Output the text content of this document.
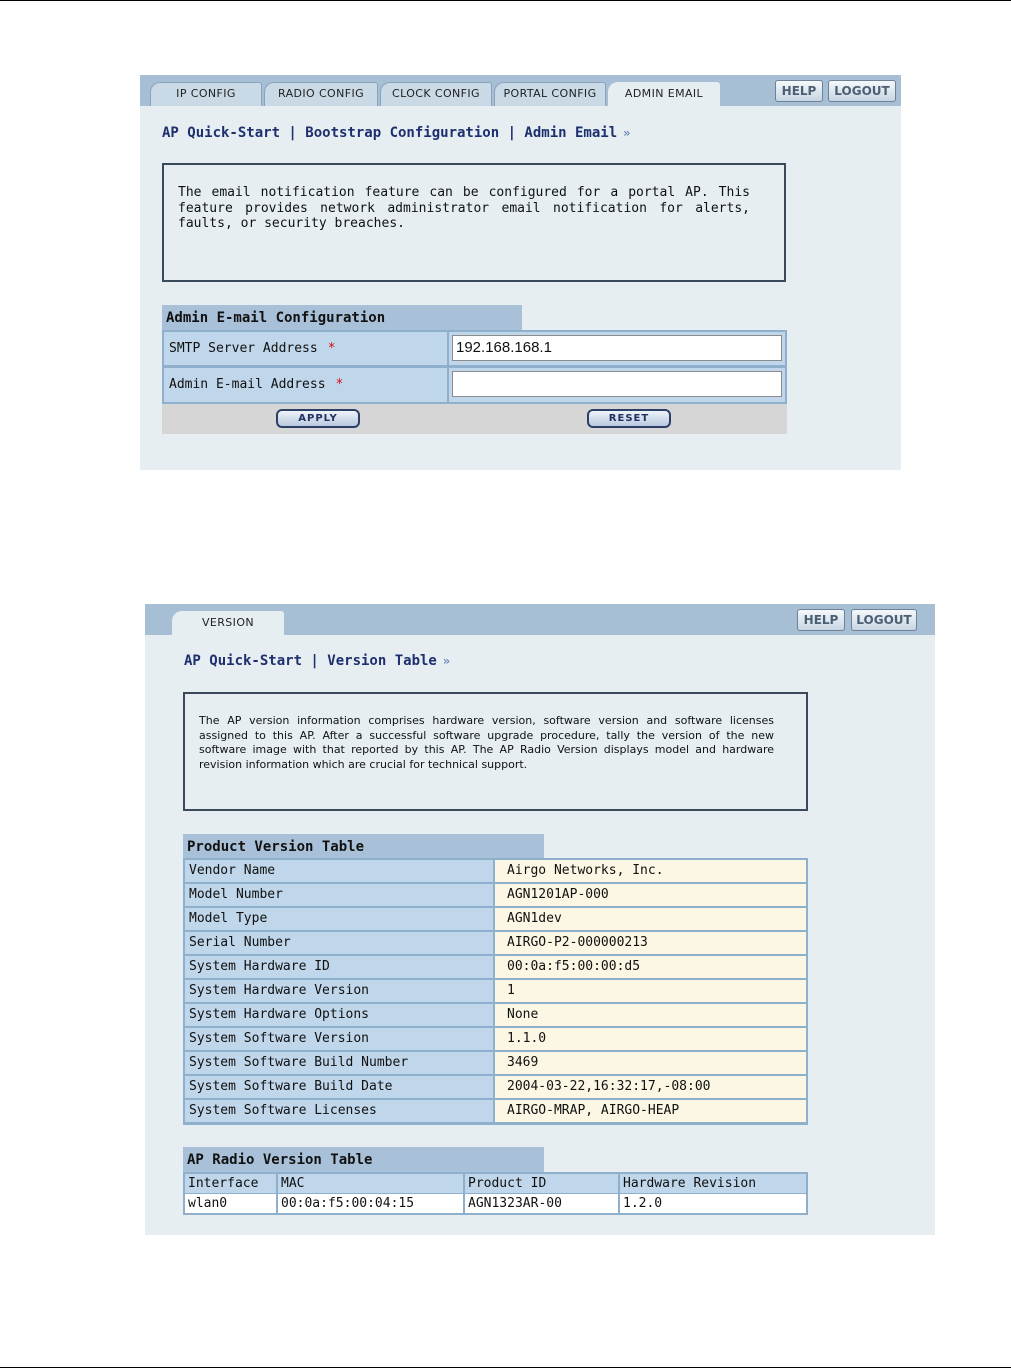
IP CONFIG	RADIO CONFIG	CLOCK CONFIG	PORTAL CONFIG	ADMIN EMAIL	HELP	LOGOUT
AP Quick-Start | Bootstrap Configuration | Admin Email »

The email notification feature can be configured for a portal AP. This feature provides network administrator email notification for alerts, faults, or security breaches.

Admin E-mail Configuration
SMTP Server Address *	192.168.168.1
Admin E-mail Address *
APPLY	RESET
VERSION	HELP	LOGOUT
AP Quick-Start | Version Table »

The AP version information comprises hardware version, software version and software licenses assigned to this AP. After a successful software upgrade procedure, tally the version of the new software image with that reported by this AP. The AP Radio Version displays model and hardware revision information which are crucial for technical support.

Product Version Table
Vendor Name	Airgo Networks, Inc.
Model Number	AGN1201AP-000
Model Type	AGN1dev
Serial Number	AIRGO-P2-000000213
System Hardware ID	00:0a:f5:00:00:d5
System Hardware Version	1
System Hardware Options	None
System Software Version	1.1.0
System Software Build Number	3469
System Software Build Date	2004-03-22,16:32:17,-08:00
System Software Licenses	AIRGO-MRAP, AIRGO-HEAP
AP Radio Version Table
Interface	MAC	Product ID	Hardware Revision
wlan0	00:0a:f5:00:04:15	AGN1323AR-00	1.2.0
